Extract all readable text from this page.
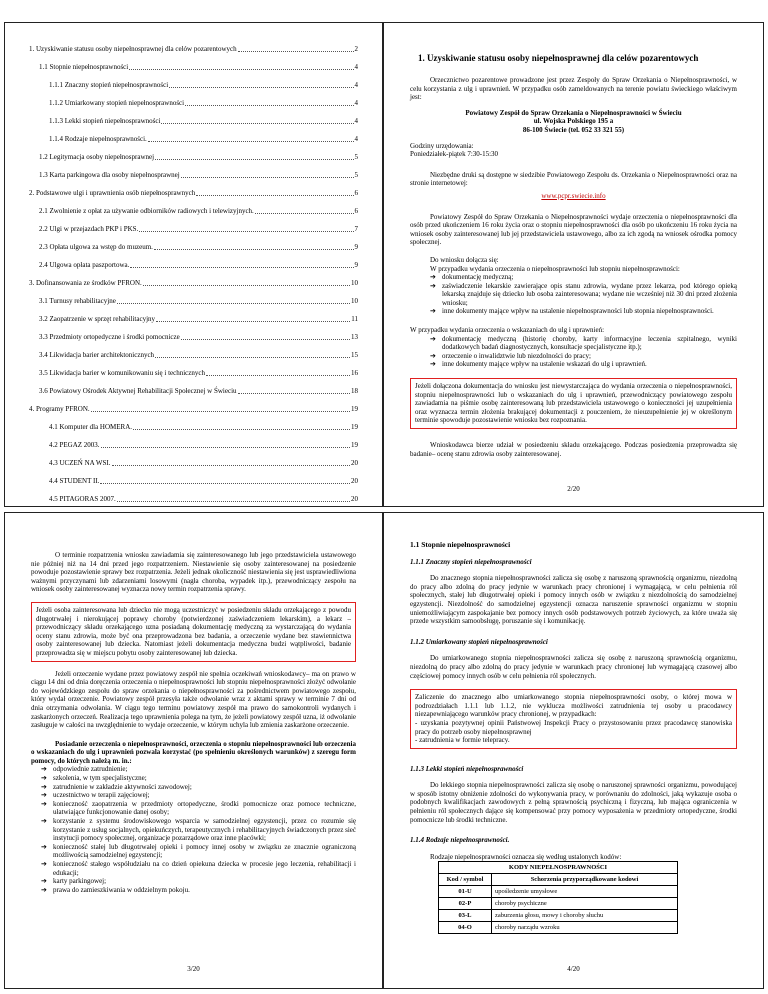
1. Uzyskiwanie statusu osoby niepełnosprawnej dla celów pozarentowych	2
1.1 Stopnie niepełnosprawności	4
1.1.1 Znaczny stopień niepełnosprawności	4
1.1.2 Umiarkowany stopień niepełnosprawności	4
1.1.3 Lekki stopień niepełnosprawności	4
1.1.4 Rodzaje niepełnosprawności.	4
1.2 Legitymacja osoby niepełnosprawnej	5
1.3 Karta parkingowa dla osoby niepełnosprawnej	5
2. Podstawowe ulgi i uprawnienia osób niepełnosprawnych	6
2.1 Zwolnienie z opłat za używanie odbiorników radiowych i telewizyjnych.	6
2.2 Ulgi w przejazdach PKP i PKS.	7
2.3 Opłata ulgowa za wstęp do muzeum.	9
2.4 Ulgowa opłata paszportowa.	9
3. Dofinansowania ze środków PFRON.	10
3.1 Turnusy rehabilitacyjne	10
3.2 Zaopatrzenie w sprzęt rehabilitacyjny	11
3.3 Przedmioty ortopedyczne i środki pomocnicze	13
3.4 Likwidacja barier architektonicznych	15
3.5 Likwidacja barier w komunikowaniu się i technicznych	16
3.6 Powiatowy Ośrodek Aktywnej Rehabilitacji Społecznej w Świeciu	18
4. Programy PFRON.	19
4.1 Komputer dla HOMERA.	19
4.2 PEGAZ 2003.	19
4.3 UCZEŃ NA WSI.	20
4.4 STUDENT II.	20
4.5 PITAGORAS 2007.	20
1. Uzyskiwanie statusu osoby niepełnosprawnej dla celów pozarentowych

Orzecznictwo pozarentowe prowadzone jest przez Zespoły do Spraw Orzekania o Niepełnosprawności, w celu korzystania z ulg i uprawnień. W przypadku osób zameldowanych na terenie powiatu świeckiego właściwym jest:

Powiatowy Zespół do Spraw Orzekania o Niepełnosprawności w Świeciu
ul. Wojska Polskiego 195 a
86-100 Świecie (tel. 052 33 321 55)
Godziny urzędowania:
Poniedziałek-piątek 7:30-15:30

Niezbędne druki są dostępne w siedzibie Powiatowego Zespołu ds. Orzekania o Niepełnosprawności oraz na stronie internetowej:

www.pcpr.swiecie.info

Powiatowy Zespół do Spraw Orzekania o Niepełnosprawności wydaje orzeczenia o niepełnosprawności dla osób przed ukończeniem 16 roku życia oraz o stopniu niepełnosprawności dla osób po ukończeniu 16 roku życia na wniosek osoby zainteresowanej lub jej przedstawiciela ustawowego, albo za ich zgodą na wniosek ośrodka pomocy społecznej.

Do wniosku dołącza się:
W przypadku wydania orzeczenia o niepełnosprawności lub stopniu niepełnosprawności:
➔ dokumentację medyczną;
➔ zaświadczenie lekarskie zawierające opis stanu zdrowia, wydane przez lekarza, pod którego opieką lekarską znajduje się dziecko lub osoba zainteresowana; wydane nie wcześniej niż 30 dni przed złożenia wniosku;
➔ inne dokumenty mające wpływ na ustalenie niepełnosprawności lub stopnia niepełnosprawności.
W przypadku wydania orzeczenia o wskazaniach do ulg i uprawnień:
➔ dokumentację medyczną (historię choroby, karty informacyjne leczenia szpitalnego, wyniki dodatkowych badań diagnostycznych, konsultacje specjalistyczne itp.);
➔ orzeczenie o inwalidztwie lub niezdolności do pracy;
➔ inne dokumenty mające wpływ na ustalenie wskazań do ulg i uprawnień.
Jeżeli dołączona dokumentacja do wniosku jest niewystarczająca do wydania orzeczenia o niepełnosprawności, stopniu niepełnosprawności lub o wskazaniach do ulg i uprawnień, przewodniczący powiatowego zespołu zawiadamia na piśmie osobę zainteresowaną lub przedstawiciela ustawowego o konieczności jej uzupełnienia oraz wyznacza termin złożenia brakującej dokumentacji z pouczeniem, że nieuzupełnienie jej w określonym terminie spowoduje pozostawienie wniosku bez rozpoznania.

Wnioskodawca bierze udział w posiedzeniu składu orzekającego. Podczas posiedzenia przeprowadza się badanie– ocenę stanu zdrowia osoby zainteresowanej.

2/20

O terminie rozpatrzenia wniosku zawiadamia się zainteresowanego lub jego przedstawiciela ustawowego nie później niż na 14 dni przed jego rozpatrzeniem. Niestawienie się osoby zainteresowanej na posiedzenie powoduje pozostawienie sprawy bez rozpatrzenia. Jeżeli jednak okoliczność niestawienia się jest usprawiedliwiona ważnymi przyczynami lub zdarzeniami losowymi (nagła choroba, wypadek itp.), przewodniczący zespołu na wniosek osoby zainteresowanej wyznacza nowy termin rozpatrzenia sprawy.

Jeżeli osoba zainteresowana lub dziecko nie mogą uczestniczyć w posiedzeniu składu orzekającego z powodu długotrwałej i nierokującej poprawy choroby (potwierdzonej zaświadczeniem lekarskim), a lekarz – przewodniczący składu orzekającego uzna posiadaną dokumentację medyczną za wystarczającą do wydania oceny stanu zdrowia, może być ona przeprowadzona bez badania, a orzeczenie wydane bez stawiennictwa osoby zainteresowanej lub dziecka. Natomiast jeżeli dokumentacja medyczna budzi wątpliwości, badanie przeprowadza się w miejscu pobytu osoby zainteresowanej lub dziecka.

Jeżeli orzeczenie wydane przez powiatowy zespół nie spełnia oczekiwań wnioskodawcy– ma on prawo w ciągu 14 dni od dnia doręczenia orzeczenia o niepełnosprawności lub stopniu niepełnosprawności złożyć odwołanie do wojewódzkiego zespołu do spraw orzekania o niepełnosprawności za pośrednictwem powiatowego zespołu, który wydał orzeczenie. Powiatowy zespół przesyła także odwołanie wraz z aktami sprawy w terminie 7 dni od dnia otrzymania odwołania. W ciągu tego terminu powiatowy zespół ma prawo do samokontroli wydanych i zaskarżonych orzeczeń. Realizacja tego uprawnienia polega na tym, że jeżeli powiatowy zespół uzna, iż odwołanie zasługuje w całości na uwzględnienie to wydaje orzeczenie, w którym uchyla lub zmienia zaskarżone orzeczenie.

Posiadanie orzeczenia o niepełnosprawności, orzeczenia o stopniu niepełnosprawności lub orzeczenia o wskazaniach do ulg i uprawnień pozwala korzystać (po spełnieniu określonych warunków) z szeregu form pomocy, do których należą m. in.:

➔ odpowiednie zatrudnienie;
➔ szkolenia, w tym specjalistyczne;
➔ zatrudnienie w zakładzie aktywności zawodowej;
➔ uczestnictwo w terapii zajęciowej;
➔ konieczność zaopatrzenia w przedmioty ortopedyczne, środki pomocnicze oraz pomoce techniczne, ułatwiające funkcjonowanie danej osoby;
➔ korzystanie z systemu środowiskowego wsparcia w samodzielnej egzystencji, przez co rozumie się korzystanie z usług socjalnych, opiekuńczych, terapeutycznych i rehabilitacyjnych świadczonych przez sieć instytucji pomocy społecznej, organizacje pozarządowe oraz inne placówki;
➔ konieczność stałej lub długotrwałej opieki i pomocy innej osoby w związku ze znacznie ograniczoną możliwością samodzielnej egzystencji;
➔ konieczność stałego współudziału na co dzień opiekuna dziecka w procesie jego leczenia, rehabilitacji i edukacji;
➔ karty parkingowej;
➔ prawa do zamieszkiwania w oddzielnym pokoju.
3/20
1.1 Stopnie niepełnosprawności
1.1.1 Znaczny stopień niepełnosprawności

Do znacznego stopnia niepełnosprawności zalicza się osobę z naruszoną sprawnością organizmu, niezdolną do pracy albo zdolną do pracy jedynie w warunkach pracy chronionej i wymagającą, w celu pełnienia ról społecznych, stałej lub długotrwałej opieki i pomocy innych osób w związku z niezdolnością do samodzielnej egzystencji. Niezdolność do samodzielnej egzystencji oznacza naruszenie sprawności organizmu w stopniu uniemożliwiającym zaspokajanie bez pomocy innych osób podstawowych potrzeb życiowych, za które uważa się przede wszystkim samoobsługę, poruszanie się i komunikację.

1.1.2 Umiarkowany stopień niepełnosprawności

Do umiarkowanego stopnia niepełnosprawności zalicza się osobę z naruszoną sprawnością organizmu, niezdolną do pracy albo zdolną do pracy jedynie w warunkach pracy chronionej lub wymagającą czasowej albo częściowej pomocy innych osób w celu pełnienia ról społecznych.

Zaliczenie do znacznego albo umiarkowanego stopnia niepełnosprawności osoby, o której mowa w podrozdziałach 1.1.1 lub 1.1.2, nie wyklucza możliwości zatrudnienia tej osoby u pracodawcy niezapewniającego warunków pracy chronionej, w przypadkach:
- uzyskania pozytywnej opinii Państwowej Inspekcji Pracy o przystosowaniu przez pracodawcę stanowiska pracy do potrzeb osoby niepełnosprawnej
- zatrudnienia w formie telepracy.
1.1.3 Lekki stopień niepełnosprawności

Do lekkiego stopnia niepełnosprawności zalicza się osobę o naruszonej sprawności organizmu, powodującej w sposób istotny obniżenie zdolności do wykonywania pracy, w porównaniu do zdolności, jaką wykazuje osoba o podobnych kwalifikacjach zawodowych z pełną sprawnością psychiczną i fizyczną, lub mająca ograniczenia w pełnieniu ról społecznych dające się kompensować przy pomocy wyposażenia w przedmioty ortopedyczne, środki pomocnicze lub środki techniczne.

1.1.4 Rodzaje niepełnosprawności.
Rodzaje niepełnosprawności oznacza się według ustalonych kodów:
KODY NIEPEŁNOSPRAWNOŚCI	
Kod / symbol	Schorzenia przyporządkowane kodowi
01-U	upośledzenie umysłowe
02-P	choroby psychiczne
03-L	zaburzenia głosu, mowy i choroby słuchu
04-O	choroby narządu wzroku
4/20
